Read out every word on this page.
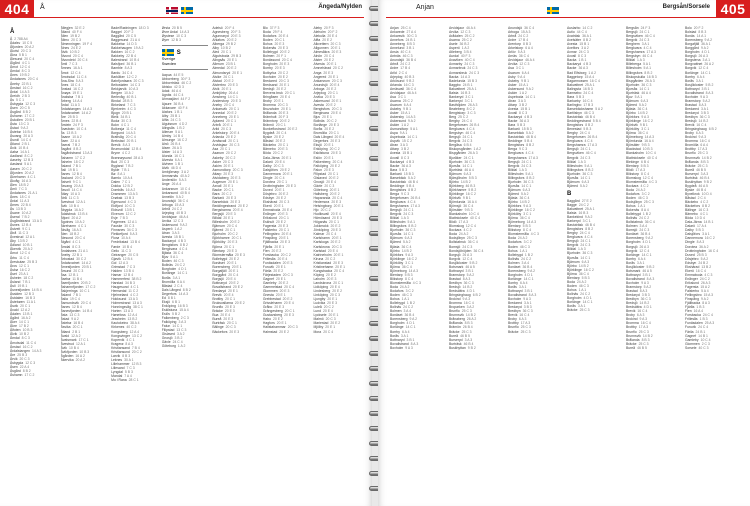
404	Å	Ängeda/Nylden
Å
Å 2 788 A4
Ådalsv 10 C 5
Åfjorden 20 A 2
Åkvisl 20 C 3
Åkra 5 B 1
Ålesund 20 C 4
Ålgård 4 C 1
Åmot 12 C 4
Åmdal 8 C 3
Ånes 19 B 2
Åndalsnes 20 C 4
Åneby 22 B 1
Ånstad 16 C 2
Årdal 14 A 3
Åreidh 2 B 3
Ås 5 C 1
Åsbygda 12 C 3
Åsen 20 C 5
Åsgård 8 B 2
Åshamn 17 C 2
Åskollen 20 B 1
Åsta 13 C 3
Åstad 9 A 2
Åstebø 16 B 4
Åsvang 20 A 3
Åsvoll 14 C 4
Åtland 2 B 1
Åvik 10 B 4
Aabø 14 A 1
Aadland 8 C 2
Aaseby 12 B 3
Aasland 5 A 1
Aasen 20 C 2
Åfjorden 20 A 2
Åkrehamn 4 C 1
Åkvåg 16 A 3
Ålen 18 B 2
Åmli 7 C 3
Åndalsnes 21 A 1
Ånes 18 C 4
Årdal 11 A 3
Årnes 22 B 4
Ås 13 B 3
Åsane 10 A 2
Åseral 7 B 2
Åsgårdstrand 13 A 3
Åsnes 12 B 4
Åstveit 9 C 1
Åtrå 11 C 3
Åvestrud 12 A 1
Åby 13 B 2
Ådland 10 B 1
Åkervik 20 A 2
Åmot 12 C 4
Årbu 11 C 4
Åreskutan 25 B 3
Åros 12 C 1
Åsbø 16 C 2
Åset 23 A 1
Åsheim 18 C 2
Åsland 7 B 1
Åsli 19 B 1
Åsnesfjorden 14 B 4
Åssiden 12 B 3
Åstdalen 16 B 3
Åstebøen 11 A 1
Åsvik 20 C 1
Åvald 12 A 2
Ådalen 13 B 1
Ågård 16 A 2
Åker 14 C 1
Åkre 17 B 2
Ålfoten 10 B 3
Ålvik 10 B 2
Åmdal 8 C 3
Åmotsdal 11 C 4
Ånstad 16 C 2
Årdalstangen 14 A 3
Åre 25 B 3
Årvik 20 C 3
Åsbygda 12 C 3
Åsen 22 A 4
Åsgård 8 B 2
Åshamn 17 C 2
Ållegjen 32 E 2
Ålland 40 F 4
Ållen 19 B 2
Ållmo 20 C 3
Ålmenningen 19 F 4
Ålnes 24 E 2
Ålvik 10 B 2
Ålvund 20 C 4
Ålvundeid 20 C 4
Åmli 7 C 3
Åmnes 16 A 1
Åmot 12 C 4
Åmotsdal 11 C 4
Åna-Sira 5 A 3
Ånes 18 C 4
Ånstad 16 C 2
Ånøya 19 E 1
Åraksbø 7 B 1
Årberg 14 A 4
Årdal 11 A 3
Årdalstangen 14 A 3
Årdalsvatnet 14 A 2
Åre 25 B 3
Årnes 22 B 4
Årstein 24 F 3
Årøsbotn 10 C 4
Ås 13 B 3
Åsane 10 A 2
Åsen 22 A 4
Åseral 7 B 2
Åsgård 8 B 2
Åsgårdstrand 13 A 3
Åshamn 17 C 2
Åsheim 18 C 2
Åsland 7 B 1
Åsli 19 B 1
Åsnes 12 B 4
Åsskard 20 C 3
Åstveit 9 C 1
Åsvang 20 A 3
Åsvoll 14 C 4
Åtløy 10 A 3
Åtrå 11 C 3
Åvestrud 12 A 1
Åvik 10 B 4
Åbygda 16 A 2
Ådalsbruk 13 B 4
Åfjord 20 A 2
Ågotnes 10 A 2
Åkrehamn 4 C 1
Åkvåg 16 A 3
Ålen 18 B 2
Ålesund 20 C 4
Ålgård 4 C 1
Åmdal 8 C 3
Åndalsnes 21 A 1
Åneby 22 B 1
Årbostad 30 C 2
Årdalsvatnet 14 A 2
Årnesfjorden 20 B 1
Årsund 20 C 3
Åsa 12 B 1
Åsebø 11 B 4
Åsenfjorden 20 B 2
Åshamnfjorden 17 C 2
Åskjerringa 10 C 1
Åsland 7 B 1
Åslia 19 C 4
Åsmundsvik 20 C 4
Åsnes 12 B 4
Åsnesfjorden 14 B 4
Åsta 13 C 3
Åstad 9 A 2
Åstebø 16 B 4
Åsvika 20 C 1
Åtland 2 B 1
Åvald 12 A 2
Åvatsmark 17 C 1
Åvestrud 12 A 1
Åvik 10 B 4
Åvikfjorden 10 B 3
Ågården 16 A 2
Åkervika 20 A 2
Bade/Rødningen 18 D 3
Baggel 20 F 2
Baggård 20 C 5
Baggesund 21 A 4
Bakkebø 14 D 3
Bakkehaugen 19 A 2
Bakken 16 C 2
Bakkeby 22 B 4
Balestrand 10 B 4
Balsfjord 36 B 1
Bamble 8 A 3
Bardu 34 C 4
Barkåker 12 C 2
Batnfjordsøra 20 C 3
Beitostølen 14 C 3
Bekkjarvik 10 A 3
Bergen 10 A 2
Berlevåg 40 B 1
Bindal 28 B 3
Birkeland 7 C 3
Bjerkreim 4 C 3
Bjugn 20 B 1
Bleik 34 B 1
Bodø 30 C 3
Bokn 4 C 1
Bolkesjø 11 C 4
Borgund 14 A 3
Brattvåg 20 C 4
Brekstad 20 B 1
Brevik 8 A 3
Brumunddal 12 B 4
Bryne 4 C 2
Brønnøysund 28 A 3
Bud 20 C 3
Bygland 7 B 2
Bykle 7 B 1
Bø 8 A 1
Bømlo 10 A 4
Dalen 7 C 1
Dokka 12 B 2
Dombås 16 A 2
Drammen 13 A 3
Drøbak 13 B 3
Egersund 4 C 3
Eidfjord 10 C 3
Eidsvoll 13 B 1
Elverum 12 C 2
Evje 7 B 3
Fagernes 12 A 1
Fauske 30 C 3
Finnsnes 34 C 3
Flekkefjord 5 A 3
Florø 10 A 4
Fredrikstad 13 B 4
Førde 10 B 4
Geilo 11 C 3
Geiranger 20 C 5
Gjøvik 12 B 4
Gol 12 A 3
Grimstad 7 C 3
Halden 13 B 4
Hamar 12 B 4
Hammerfest 38 B 2
Harstad 34 B 3
Haugesund 4 C 1
Hemsedal 11 C 2
Hjelmeland 4 C 2
Hokksund 13 A 3
Holmestrand 13 A 3
Honningsvåg 38 C 1
Horten 13 A 3
Hønefoss 12 A 4
Jessheim 13 B 2
Kautokeino 38 A 4
Kirkenes 40 C 2
Kongsberg 12 A 4
Kongsvinger 13 C 2
Kopervik 4 C 1
Kragerø 8 A 3
Kristiansand 7 B 4
Kristiansund 20 C 2
Larvik 8 B 3
Leknes 30 A 1
Lillehammer 12 B 3
Lillesand 7 C 3
Lyngdal 5 B 3
Mandal 7 A 4
Mo i Rana 28 C 1
Ørsta 20 B 5
Øvre Ardal 14 A 3
Øystese 10 C 3
Øyer 12 B 3
S
Sverige
Sweden
Aapua 44 E 5
Abborrberg 30 F 3
Abborrträsk 46 C 2
Abisko 42 D 3
Adak 46 A 4
Agnäs 44 C 4
Ahmasjärvi 44 F 2
Ajaure 36 B 4
Akkavare 40 F 4
Alafors 1 B 1
Alby 25 B 1
Alfta 24 C 3
Algutsrum 4 D 2
Alingsås 1 B 2
Allerum 5 A 1
Almby 14 B 4
Almunge 16 C 2
Alnö 26 B 4
Alsen 26 A 3
Alster 14 A 3
Alunda 16 C 1
Alvesta 6 A 1
Alvhem 1 B 1
Alvik 46 D 4
Ambjörnarp 3 A 2
Ammarnäs 40 A 2
Anderslöv 5 A 3
Ange 26 A 4
Ankarsrum 10 C 4
Ankarsund 40 B 4
Annelöv 5 A 2
Anundsjö 36 C 4
Arboga 15 A 3
Arbrå 24 C 2
Arjeplog 40 B 3
Arvidsjaur 46 A 4
Arvika 12 C 3
Askersund 9 A 2
Asperö 1 A 2
Atran 3 A 3
Avesta 15 B 1
Backaryd 4 B 3
Bengtsfors 8 B 2
Bergkvara 4 C 4
Bjästa 36 C 4
Bjuv 5 A 1
Boden 46 C 3
Bollnäs 24 C 2
Borgholm 4 D 1
Borlänge 14 C 1
Borås 3 A 1
Bromölla 6 A 4
Båstad 2 C 4
Dals Långed 8 B 2
Degerfors 14 A 3
Ed 8 B 1
Eksjö 6 B 1
Enköping 16 B 3
Eskilstuna 15 A 4
Eslöv 5 B 2
Falkenberg 2 C 3
Falköping 3 A 3
Falun 14 C 1
Filipstad 13 C 3
Gislaved 3 A 2
Gnosjö 3 B 2
Gävle 24 C 4
Göteborg 1 A 2
Adelsö 20 F 4
Agnesberg 20 F 3
Agunnaryd 20 E 3
Ahlafors 20 E 2
Alberga 29 B 2
Alby 10 B 2
Aled 20 C 1
Algutsboda 29 B 3
Alingsås 20 E 1
Allerum 23 B 1
Almedal 20 E 2
Almundsryd 20 E 1
Alsike 26 C 1
Alstad 20 E 2
Alsterbro 20 E 3
Alvik 20 E 1
Ambjörby 26 A 4
Amsberg 14 C 1
Anderstorp 20 E 3
Aneby 20 C 4
Ankarsvik 20 C 1
Annedal 20 E 2
Anneberg 20 E 1
Aplared 20 C 1
Arbrå 20 E 1
Arild 20 C 3
Arkelstorp 20 E 4
Arlanda 20 E 2
Arnäsvall 20 C 1
Arvidsjaur 20 C 3
Asa 20 C 1
Asarum 20 C 2
Askeby 20 C 2
Asker 20 C 3
Askim 20 E 1
Asmundtorp 20 C 3
Attarp 20 E 3
Atvidaberg 20 E 3
Augerum 20 E 1
Axvall 20 E 1
Backe 20 C 1
Bara 20 C 2
Barkarö 20 E 3
Barsebäck 20 E 3
Beddingestrand 20 E 2
Bergshamra 20 E 4
Bergsjö 20 E 3
Billdal 20 E 1
Billesholm 20 E 2
Bjärnum 20 C 4
Bjärred 20 C 1
Bjurholm 20 C 2
Björkhamre 20 C 1
Björköby 20 E 3
Björna 20 C 1
Blentarp 20 E 3
Blomstermåla 20 E 3
Bollebygd 20 E 2
Bonäset 20 E 1
Borensberg 20 E 1
Borgafjäll 20 E 1
Borggård 20 C 4
Borgsjö 20 E 4
Bottnaryd 20 E 2
Bovallstrand 20 E 2
Bredaryd 20 E 1
Brevik 20 E 4
Brottby 20 C 1
Bruksvallarna 20 E 2
Brunflo 20 E 3
Bräcke 20 E 3
Bua 20 E 4
Bureå 20 E 3
Burträsk 20 C 1
Bälinge 20 C 3
Bäckefors 20 E 3
Blo 37 F 3
Boda 29 F 4
Bodafors 20 E 4
Boden 20 C 1
Bohus 20 E 3
Bokenäs 20 E 3
Bollebygd 20 E 2
Bolmen 20 F 1
Bonässund 20 C 4
Borgholm 20 E 3
Borrby 20 E 3
Botkyrka 20 C 2
Boxholm 20 E 2
Bredared 20 C 3
Bredsand 20 E 1
Bredsjö 20 E 2
Brevens bruk 20 C 1
Bringåsen 20 E 4
Broby 20 E 1
Bromma 20 C 3
Bruzaholm 20 E 1
Brålanda 20 E 3
Brämhult 20 F 3
Bränntorp 20 E 2
Brännö 20 C 1
Bunkeflostrand 20 E 2
Bygdeå 20 C 4
Byske 20 E 2
Båstad 20 E 2
Bäckebo 20 C 1
Bärnebo 20 E 3
Böda 20 C 2
Dala-Järna 20 E 1
Dalarö 20 E 4
Dalby 20 C 3
Dalsjöfors 20 E 2
Dannemora 20 E 1
Dingle 20 C 4
Dorotea 20 C 1
Drottningholm 20 E 3
Duved 20 E 1
Dösjebro 20 E 2
Edsbyn 20 E 2
Ekshärad 20 C 3
Ekerö 20 E 1
Emmaboda 20 E 4
Enånger 20 E 3
Erikslund 20 C 1
Eskhult 20 E 2
Fagersta 20 E 3
Falsterbo 20 C 1
Fellingsbro 20 E 4
Finspång 20 E 1
Fjällbacka 20 E 3
Fjärås 20 E 1
Flen 20 E 2
Forsbacka 20 C 2
Frillesås 20 E 4
Funäsdalen 20 E 3
Furuvik 20 E 1
Färila 20 E 2
Färjestaden 20 C 3
Gagnef 20 E 1
Gamleby 20 E 2
Gammelstad 20 C 4
Glommen 20 E 3
Gnesta 20 E 1
Grebbestad 20 E 2
Grisslehamn 20 E 4
Gråbo 20 E 3
Grängesberg 20 C 1
Gustavsberg 20 E 3
Habo 20 E 2
Hagfors 20 E 1
Hallstahammar 20 C 3
Halmstad 20 E 2
Aleby 20 F 3
Aleholm 20 F 2
Alekulla 20 E 4
Alfta 20 E 2
Alkvettern 20 C 3
Allgunnen 20 E 1
Almesåkra 20 E 3
Alnön 20 C 4
Alster 20 E 2
Alvesta 20 E 1
Amnehärad 20 C 2
Anga 20 E 3
Angered 20 E 1
Ankarsrum 20 C 3
Anundsjö 20 E 4
Arboga 20 E 2
Arjeplog 20 C 1
Arvika 20 E 3
Askersund 20 E 1
Avesta 20 E 2
Bengtsfors 20 C 3
Bergkvara 20 E 4
Bjuv 20 E 1
Bollnäs 20 C 2
Borlänge 20 E 3
Borås 20 E 2
Bromölla 20 C 1
Dals Långed 20 E 4
Degerfors 20 E 3
Eksjö 20 E 1
Enköping 20 C 2
Eskilstuna 20 E 3
Eslöv 20 E 1
Falkenberg 20 C 4
Falköping 20 E 2
Falun 20 E 3
Filipstad 20 C 1
Gislaved 20 E 2
Gnosjö 20 E 4
Gävle 20 C 3
Göteborg 20 E 1
Hallsberg 20 E 2
Haparanda 20 C 4
Hedemora 20 E 3
Helsingborg 20 E 1
Hjo 20 C 2
Hudiksvall 20 E 4
Härnösand 20 E 3
Höganäs 20 C 1
Jokkmokk 20 E 2
Jönköping 20 E 3
Kalmar 20 C 4
Karlshamn 20 E 1
Karlskoga 20 E 2
Karlskrona 20 C 3
Karlstad 20 E 4
Katrineholm 20 E 1
Kiruna 20 C 2
Kristianstad 20 E 3
Kristinehamn 20 E 1
Kungsbacka 20 C 4
Köping 20 E 2
Laholm 20 E 3
Landskrona 20 C 1
Lidköping 20 E 4
Lindesberg 20 E 2
Linköping 20 C 3
Ljungby 20 E 1
Ludvika 20 E 3
Luleå 20 C 2
Lund 20 E 4
Lycksele 20 E 1
Malmö 20 C 3
Mariestad 20 E 2
Mjölby 20 E 1
Mora 20 C 4
405
Anjan	Bergsån/Sorsele
Anjan 25 C 4
Ankarede 27 A 4
Ankarsvik 30 C 3
Annefors 24 B 1
Anneberg 8 B 3
Annelund 3 B 1
Ansia 40 C 4
Antnäs 46 C 3
Anundsjö 36 B 4
Arbrå 24 C 2
Ardre 17 B 4
Arild 2 C 4
Arjeplog 40 B 3
Arkösund 9 B 2
Arlanda 16 C 3
Arnäsvall 36 C 4
Arvidsjaur 46 A 4
Asa 3 C 1
Asarna 25 C 2
Asarum 6 A 4
Askeby 9 B 1
Asker 15 A 1
Askersby 14 A 3
Askersund 9 A 2
Askim 1 A 2
Asmundtorp 5 A 1
Aspa 9 A 1
Aspeboda 14 C 1
Aspvik 15 C 2
Atran 3 A 3
Attarp 3 B 2
Avesta 15 B 1
Axvall 8 C 3
Backaryd 4 B 3
Backe 36 A 3
Bara 5 B 3
Barkarö 15 B 3
Barsebäck 5 A 2
Bastuträsk 46 B 4
Beddinge 5 B 4
Bengtsfors 8 B 2
Berga 9 C 3
Bergeforsen 26 B 4
Bergkvara 4 C 4
Bergshamra 17 A 3
Bergsjö 24 C 1
Bergvik 24 C 3
Billdal 1 A 3
Billesholm 5 A 1
Billingsfors 8 B 2
Bjurholm 36 C 3
Bjursås 14 C 1
Bjärnum 6 A 3
Bjärred 5 A 2
Bjästa 36 C 4
Björbo 14 B 2
Björkfors 9 A 3
Björklinge 16 C 2
Björköby 3 C 1
Björna 36 C 4
Björneborg 14 A 3
Blentarp 5 B 3
Blikstorp 8 C 4
Blomstermåla 4 C 3
Boda 24 A 2
Bodafors 3 C 2
Boden 46 C 3
Bohus 1 A 1
Bollebygd 1 B 2
Bollnäs 24 C 2
Bolmen 3 A 4
Bonäset 36 B 4
Borensberg 9 A 2
Borgholm 4 D 1
Borlänge 14 C 1
Borrby 6 A 4
Borås 3 A 1
Bottnaryd 3 B 1
Bovallstrand 8 A 3
Boxholm 9 A 3
Arvidsjaur 46 A 4
Arvika 12 C 3
Arådalen 25 C 2
Asarna 25 C 2
Asele 36 B 2
Asperö 1 A 2
Atleberg 3 B 4
Aurdal 40 F 3
Avaviken 40 C 4
Axmarby 24 C 3
Axmarbruk 24 C 3
Axmarsbruk 24 C 3
Backa 14 A 3
Badelunda 15 B 3
Baggbo 24 B 1
Bakvattnet 25 A 1
Balsta 16 B 3
Bankeryd 3 C 1
Barkeryd 3 C 1
Basthöjden 26 A 3
Beateberg 8 C 2
Bengtstorp 3 C 3
Berg 25 C 2
Bergby 24 C 4
Bergeforsen 26 B 4
Bergkvara 4 C 4
Bergsbyn 46 C 4
Bergsjö 24 C 1
Bergvik 24 C 3
Bergåsa 6 B 4
Biskopsgården 1 A 2
Bispgården 26 A 3
Bjuråker 24 C 1
Bjurholm 36 C 3
Bjursås 14 C 1
Bjurträsk 46 A 4
Bjärnum 6 A 3
Bjärsjöholm 5 B 3
Björbo 14 B 2
Björkberg 46 B 3
Björkhamre 5 B 2
Björklinge 16 C 2
Björkvik 9 B 1
Björnlunda 16 A 4
Björnsjö 36 C 4
Björsäter 9 B 3
Blankaholm 10 C 4
Blattnicksele 40 C 4
Blidö 17 A 3
Blomskog 12 C 4
Bockara 4 C 2
Boda 24 A 2
Bodsjöbyn 25 C 3
Bollstabruk 36 C 4
Bomsjö 24 C 3
Bondsjöhöjden 36 C 4
Borgsjö 26 A 3
Borgvik 12 C 4
Bosjökloster 5 B 2
Botsmark 46 A 5
Bottnaryd 3 B 1
Bramstorp 5 A 2
Brastad 8 A 3
Bredbyn 36 C 3
Bredsjö 14 B 2
Bredsättra 4 D 1
Bringsinghaug 6 B 2
Brokind 9 A 3
Bromma 16 C 4
Broparken 3 A 2
Brunflo 25 C 3
Brunnsvik 14 B 2
Brånaberg 26 A 2
Brålanda 8 B 3
Brämön 26 B 4
Bräcke 25 C 3
Bureå 46 B 5
Burseryd 3 A 3
Burträsk 46 B 4
Buskhyttan 9 B 2
Anundsjö 36 C 4
Arboga 15 A 3
Arbrå 24 C 2
Ardre 17 B 4
Arentorp 8 B 3
Arkelstorp 6 A 4
Arlöv 5 A 3
Arnäs 36 C 4
Arvidsjaur 46 A 4
Arvika 12 C 3
Asa 3 C 1
Asarum 6 A 4
Asby 9 A 4
Askeby 9 B 1
Asker 15 A 1
Askersund 9 A 2
Askim 1 A 2
Aspeboda 14 C 1
Atran 3 A 3
Attarp 3 B 2
Avesta 15 B 1
Axvall 8 C 3
Backaryd 4 B 3
Backe 36 A 3
Bara 5 B 3
Barkarö 15 B 3
Barsebäck 5 A 2
Bastuträsk 46 B 4
Beddinge 5 B 4
Bengtsfors 8 B 2
Berga 9 C 3
Bergkvara 4 C 4
Bergshamra 17 A 3
Bergsjö 24 C 1
Bergvik 24 C 3
Billdal 1 A 3
Billesholm 5 A 1
Billingsfors 8 B 2
Bjurholm 36 C 3
Bjursås 14 C 1
Bjärnum 6 A 3
Bjärred 5 A 2
Bjästa 36 C 4
Björbo 14 B 2
Björkfors 9 A 3
Björklinge 16 C 2
Björköby 3 C 1
Björna 36 C 4
Björneborg 14 A 3
Blentarp 5 B 3
Blikstorp 8 C 4
Blomstermåla 4 C 3
Boda 24 A 2
Bodafors 3 C 2
Boden 46 C 3
Bohus 1 A 1
Bollebygd 1 B 2
Bollnäs 24 C 2
Bolmen 3 A 4
Bonäset 36 B 4
Borensberg 9 A 2
Borgholm 4 D 1
Borlänge 14 C 1
Borrby 6 A 4
Borås 3 A 1
Bottnaryd 3 B 1
Bovallstrand 8 A 3
Boxholm 9 A 3
Bredared 3 A 1
Bredaryd 3 B 3
Bredbyn 36 C 3
Brevik 16 C 4
Broby 6 A 3
Brottby 17 A 3
Brunflo 25 C 3
Bräcke 25 C 3
Auslarbo 14 C 2
Autio 44 C 4
Avaträsk 36 A 1
Avelsäter 8 B 2
Avesta 15 B 1
Axelfors 3 A 2
Axmar 24 C 3
Axvall 8 C 3
Backa 1 B 1
Backaryd 4 B 3
Backe 36 A 3
Bad Elfsborg 1 A 2
Baggetorp 15 A 4
Bagarmossen 16 C 4
Bakvattnet 25 A 1
Balingsta 16 B 3
Bamsebo 24 C 4
Bara 5 B 3
Barkarby 16 C 4
Barlingbo 17 B 3
Barsebäckshamn 5 A 2
Bartilsbyn 46 C 3
Bastuträsk 46 B 4
Beddingestrand 5 B 4
Bengtsfors 8 B 2
Benestad 5 B 3
Bergby 24 C 4
Bergeforsen 26 B 4
Bergkvara 4 C 4
Bergshamra 17 A 3
Bergsjö 24 C 1
Bergsviken 46 C 4
Bergvik 24 C 3
Billdal 1 A 3
Billesholm 5 A 1
Billingsfors 8 B 2
Bjurholm 36 C 3
Bjursås 14 C 1
Bjärnum 6 A 3
Bjärred 5 A 2
B
Baggård 27 E 2
Bagge 24 C 2
Bakvattnet 25 A 1
Balsta 16 B 3
Bankekind 9 A 2
Barkeryd 3 C 1
Bastuträsk 46 B 4
Bengtsfors 8 B 2
Bergby 24 C 4
Bergkvara 4 C 4
Bergsjö 24 C 1
Bergvik 24 C 3
Billdal 1 A 3
Bjurholm 36 C 3
Bjursås 14 C 1
Bjärnum 6 A 3
Björbo 14 B 2
Björklinge 16 C 2
Björna 36 C 4
Blentarp 5 B 3
Boda 24 A 2
Boden 46 C 3
Bohus 1 A 1
Bollnäs 24 C 2
Borgholm 4 D 1
Borlänge 14 C 1
Borås 3 A 1
Bräcke 25 C 3
Bergsån 24 F 3
Bergsjö 24 C 1
Bergsviken 46 C 4
Bergvik 24 C 3
Berghem 3 A 1
Bergkvara 4 C 4
Bergshamra 17 A 3
Bergsbyn 46 C 4
Billdal 1 A 3
Billeberga 5 A 1
Billesholm 5 A 1
Billingsfors 8 B 2
Biskopskulla 16 B 3
Bispgården 26 A 3
Bjurholm 36 C 3
Bjursås 14 C 1
Bjurträsk 46 A 4
Bjuv 5 A 1
Bjärnum 6 A 3
Bjärred 5 A 2
Bjästa 36 C 4
Björbo 14 B 2
Björkfors 9 A 3
Björklinge 16 C 2
Björkvik 9 B 1
Björköby 3 C 1
Björna 36 C 4
Björneborg 14 A 3
Björnlunda 16 A 4
Björsäter 9 B 3
Blackstad 10 B 3
Blankaholm 10 C 4
Blattnicksele 40 C 4
Blekinge 6 B 4
Blentarp 5 B 3
Blidö 17 A 3
Blikstorp 8 C 4
Blomskog 12 C 4
Blomstermåla 4 C 3
Bockara 4 C 2
Boda 24 A 2
Bodafors 3 C 2
Boden 46 C 3
Bodsjöbyn 25 C 3
Bohus 1 A 1
Bokenäs 8 A 4
Bollebygd 1 B 2
Bollnäs 24 C 2
Bollstabruk 36 C 4
Bolmen 3 A 4
Bomsjö 24 C 3
Bonäset 36 B 4
Borensberg 9 A 2
Borgholm 4 D 1
Borgsjö 26 A 3
Borgvik 12 C 4
Borlänge 14 C 1
Borrby 6 A 4
Borås 3 A 1
Bosjökloster 5 B 2
Botsmark 46 A 5
Bottnaryd 3 B 1
Bovallstrand 8 A 3
Boxholm 9 A 3
Bramstorp 5 A 2
Brastad 8 A 3
Bredaryd 3 B 3
Bredbyn 36 C 3
Bredsjö 14 B 2
Bredsättra 4 D 1
Brevik 16 C 4
Broby 6 A 3
Brokind 9 A 3
Bromma 16 C 4
Brottby 17 A 3
Brunflo 25 C 3
Brunnsvik 14 B 2
Brålanda 8 B 3
Bräcke 25 C 3
Bureå 46 B 5
Bolo 20 F 2
Bolstad 8 B 3
Bonäs 14 A 1
Borensberg 9 A 2
Borgafjäll 36 A 1
Borggård 9 A 2
Borgholm 4 D 1
Borgsjö 26 A 3
Borgstena 3 A 1
Borgvattnet 26 A 2
Borgvik 12 C 4
Borlänge 14 C 1
Borrby 6 A 4
Borås 3 A 1
Bosjökloster 5 B 2
Bottnaryd 3 B 1
Bovallstrand 8 A 3
Boxholm 9 A 3
Bramstorp 5 A 2
Brastad 8 A 3
Bredared 3 A 1
Bredaryd 3 B 3
Bredbyn 36 C 3
Bredsjö 14 B 2
Brevik 16 C 4
Bringsinghaug 6 B 2
Broby 6 A 3
Brokind 9 A 3
Bromma 16 C 4
Bromölla 6 A 4
Brottby 17 A 3
Brunflo 25 C 3
Brunnsvik 14 B 2
Brålanda 8 B 3
Bräcke 25 C 3
Bureå 46 B 5
Burseryd 3 A 3
Burträsk 46 B 4
Buskhyttan 9 B 2
Bygdeå 46 A 5
Byske 46 B 4
Byxelkrok 10 D 4
Båstad 2 C 4
Bäckebo 4 C 2
Bäckefors 8 B 2
Bälinge 16 C 3
Bärnebo 4 C 1
Böda 10 D 4
Dala-Järna 14 B 1
Dalarö 17 A 4
Dalby 5 B 3
Dalsjöfors 3 A 1
Dannemora 16 C 2
Dingle 8 A 3
Dorotea 36 A 2
Drottningholm 16 C 4
Duved 25 B 3
Dösjebro 5 A 2
Edsbyn 24 B 2
Ekshärad 13 B 2
Ekerö 16 C 4
Emmaboda 4 C 3
Enånger 24 C 2
Erikslund 26 A 3
Fagersta 15 A 2
Falsterbo 5 A 4
Fellingsbro 15 A 3
Finspång 9 A 2
Fjällbacka 8 A 3
Fjärås 1 B 3
Flen 16 A 4
Forsbacka 24 C 4
Frillesås 1 B 3
Funäsdalen 25 A 3
Furuvik 24 C 4
Färila 24 B 1
Gagnef 14 B 1
Gamleby 10 C 4
Glommen 2 C 3
Sorsele 40 C 3
